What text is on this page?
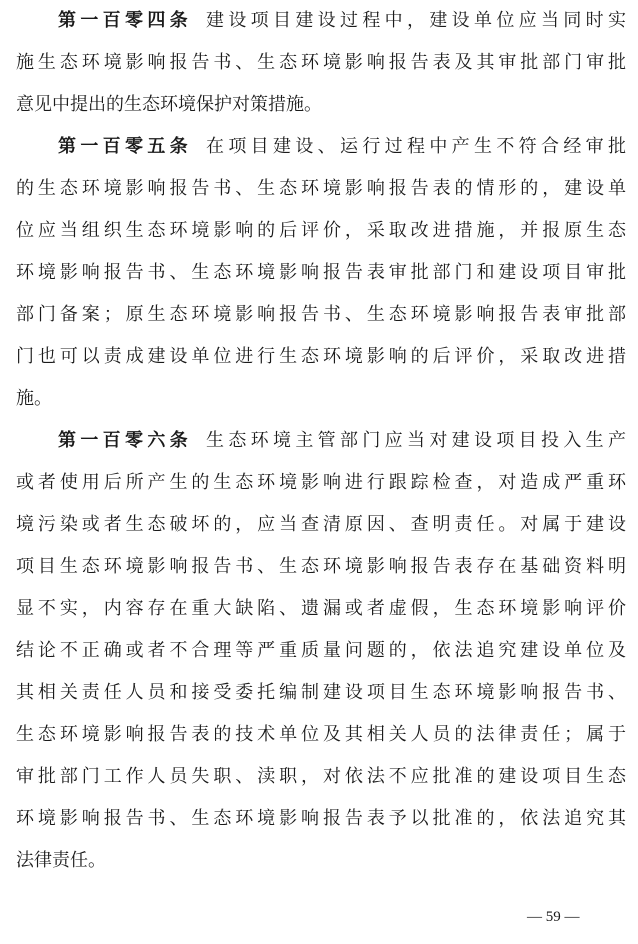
第一百零四条 建设项目建设过程中，建设单位应当同时实
施生态环境影响报告书、生态环境影响报告表及其审批部门审批
意见中提出的生态环境保护对策措施。
第一百零五条 在项目建设、运行过程中产生不符合经审批
的生态环境影响报告书、生态环境影响报告表的情形的，建设单
位应当组织生态环境影响的后评价，采取改进措施，并报原生态
环境影响报告书、生态环境影响报告表审批部门和建设项目审批
部门备案；原生态环境影响报告书、生态环境影响报告表审批部
门也可以责成建设单位进行生态环境影响的后评价，采取改进措
施。
第一百零六条 生态环境主管部门应当对建设项目投入生产
或者使用后所产生的生态环境影响进行跟踪检查，对造成严重环
境污染或者生态破坏的，应当查清原因、查明责任。对属于建设
项目生态环境影响报告书、生态环境影响报告表存在基础资料明
显不实，内容存在重大缺陷、遗漏或者虚假，生态环境影响评价
结论不正确或者不合理等严重质量问题的，依法追究建设单位及
其相关责任人员和接受委托编制建设项目生态环境影响报告书、
生态环境影响报告表的技术单位及其相关人员的法律责任；属于
审批部门工作人员失职、渎职，对依法不应批准的建设项目生态
环境影响报告书、生态环境影响报告表予以批准的，依法追究其
法律责任。
— 59 —
